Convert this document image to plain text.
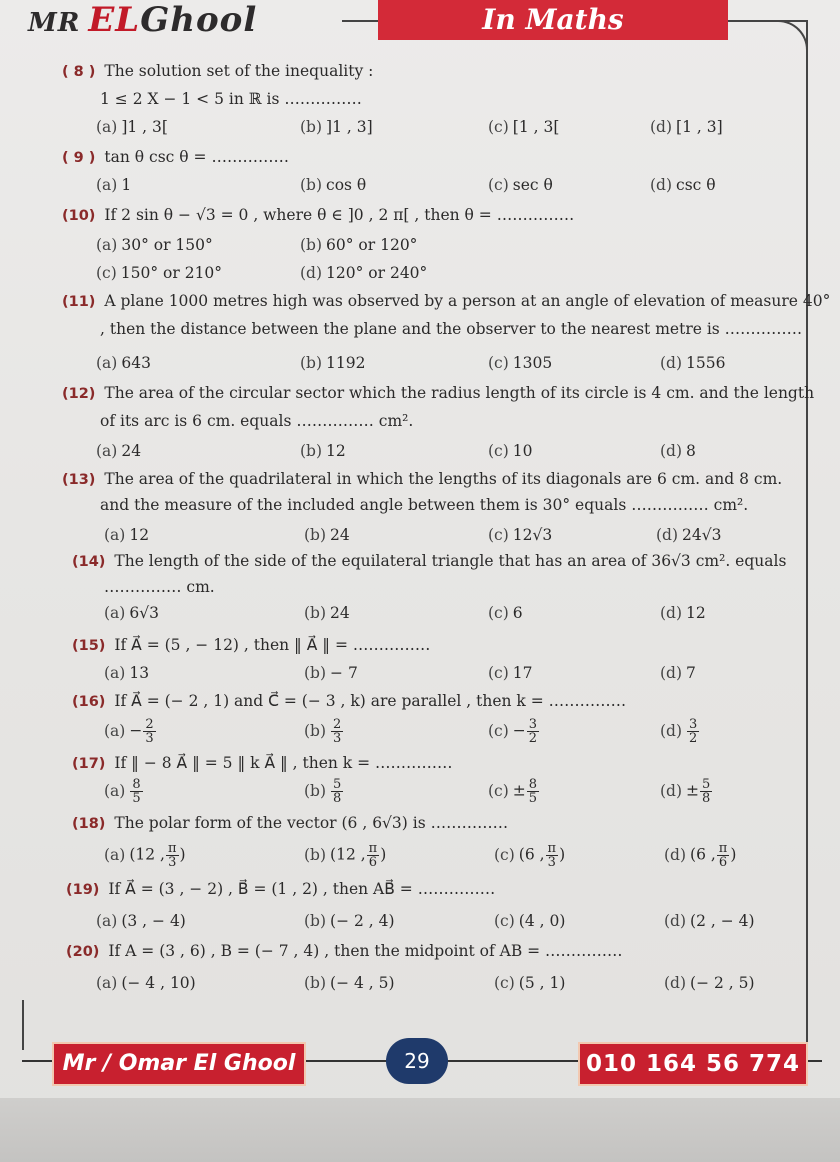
MR ELGhool	In Maths
( 8 ) The solution set of the inequality :
1 ≤ 2 X − 1 < 5 in ℝ is ……………
(a) ]1 , 3[	(b) ]1 , 3]	(c) [1 , 3[	(d) [1 , 3]
( 9 ) tan θ csc θ = ……………
(a) 1	(b) cos θ	(c) sec θ	(d) csc θ
(10) If 2 sin θ − √3 = 0 , where θ ∈ ]0 , 2 π[ , then θ = ……………
(a) 30° or 150°	(b) 60° or 120°
(c) 150° or 210°	(d) 120° or 240°
(11) A plane 1000 metres high was observed by a person at an angle of elevation of measure 40°
, then the distance between the plane and the observer to the nearest metre is ……………
(a) 643	(b) 1192	(c) 1305	(d) 1556
(12) The area of the circular sector which the radius length of its circle is 4 cm. and the length
of its arc is 6 cm. equals …………… cm².
(a) 24	(b) 12	(c) 10	(d) 8
(13) The area of the quadrilateral in which the lengths of its diagonals are 6 cm. and 8 cm.
and the measure of the included angle between them is 30° equals …………… cm².
(a) 12	(b) 24	(c) 12√3	(d) 24√3
(14) The length of the side of the equilateral triangle that has an area of 36√3 cm². equals
…………… cm.
(a) 6√3	(b) 24	(c) 6	(d) 12
(15) If A⃗ = (5 , − 12) , then ‖ A⃗ ‖ = ……………
(a) 13	(b) − 7	(c) 17	(d) 7
(16) If A⃗ = (− 2 , 1) and C⃗ = (− 3 , k) are parallel , then k = ……………
$(a) - \frac{2}{3}$	$(b) \frac{2}{3}$	$(c) - \frac{3}{2}$	$(d) \frac{3}{2}$
(17) If ‖ − 8 A⃗ ‖ = 5 ‖ k A⃗ ‖ , then k = ……………
$(a) \frac{8}{5}$	$(b) \frac{5}{8}$	$(c) \pm \frac{8}{5}$	$(d) \pm \frac{5}{8}$
(18) The polar form of the vector (6 , 6√3) is ……………
(a) (12 , $\frac{\pi}{3}$ )	(b) (12 , $\frac{\pi}{6}$ )	(c) (6 , $\frac{\pi}{3}$ )	(d) (6 , $\frac{\pi}{6}$ )
(19) If A⃗ = (3 , − 2) , B⃗ = (1 , 2) , then AB⃗ = ……………
(a) (3 , − 4)	(b) (− 2 , 4)	(c) (4 , 0)	(d) (2 , − 4)
(20) If A = (3 , 6) , B = (− 7 , 4) , then the midpoint of AB = ……………
(a) (− 4 , 10)	(b) (− 4 , 5)	(c) (5 , 1)	(d) (− 2 , 5)
Mr / Omar El Ghool	29	010 164 56 774
